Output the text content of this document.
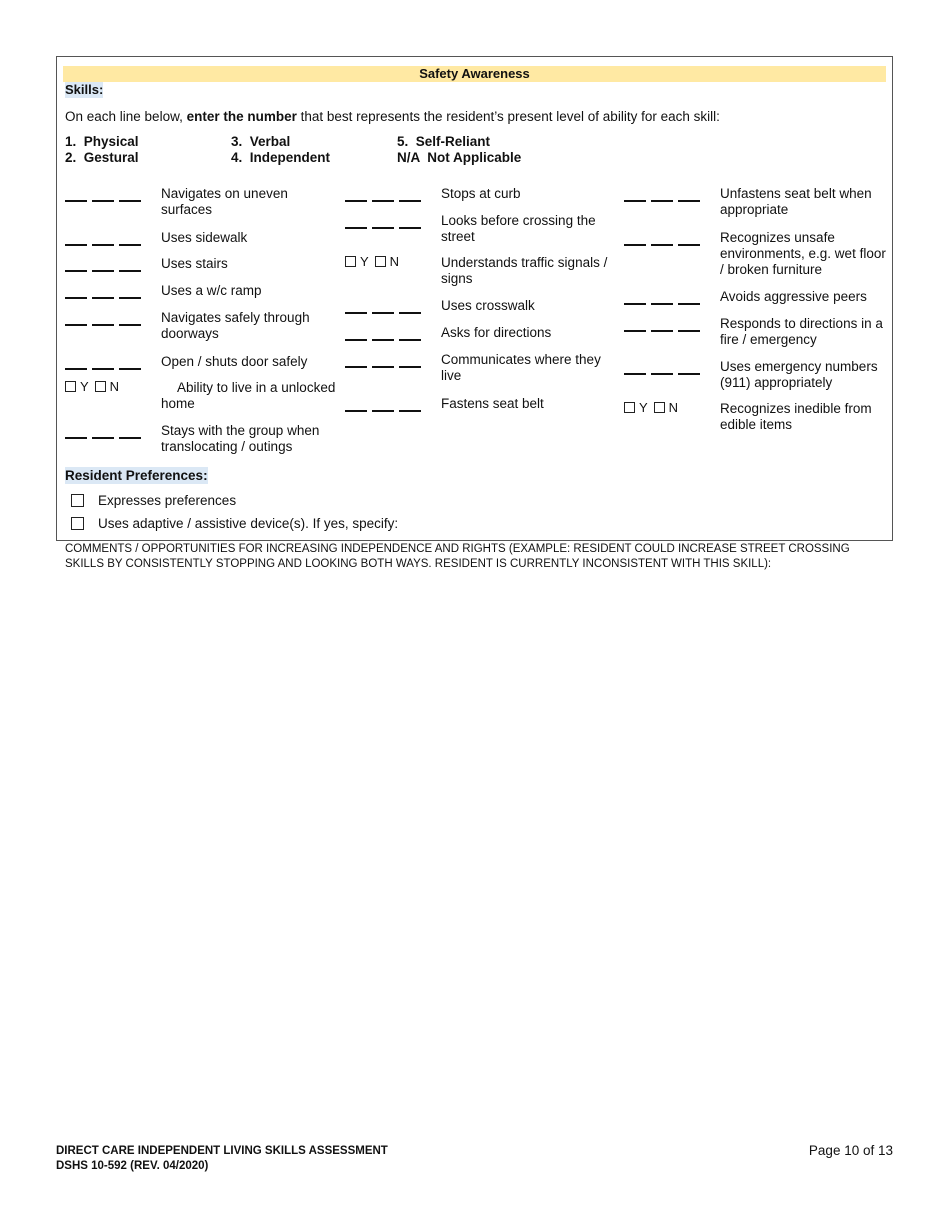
Safety Awareness
Skills:
On each line below, enter the number that best represents the resident’s present level of ability for each skill:
1.  Physical
2.  Gestural
3.  Verbal
4.  Independent
5.  Self-Reliant
N/A  Not Applicable
Navigates on uneven surfaces
Uses sidewalk
Uses stairs
Uses a w/c ramp
Navigates safely through doorways
Open / shuts door safely
Y N	Ability to live in a unlocked home
Stays with the group when translocating / outings
Stops at curb
Looks before crossing the street
Y N	Understands traffic signals / signs
Uses crosswalk
Asks for directions
Communicates where they live
Fastens seat belt
Unfastens seat belt when appropriate
Recognizes unsafe environments, e.g. wet floor / broken furniture
Avoids aggressive peers
Responds to directions in a fire / emergency
Uses emergency numbers (911) appropriately
Y N	Recognizes inedible from edible items
Resident Preferences:
Expresses preferences
Uses adaptive / assistive device(s). If yes, specify:
COMMENTS / OPPORTUNITIES FOR INCREASING INDEPENDENCE AND RIGHTS (EXAMPLE: RESIDENT COULD INCREASE STREET CROSSING SKILLS BY CONSISTENTLY STOPPING AND LOOKING BOTH WAYS. RESIDENT IS CURRENTLY INCONSISTENT WITH THIS SKILL):
DIRECT CARE INDEPENDENT LIVING SKILLS ASSESSMENT
DSHS 10-592 (REV. 04/2020)
Page 10 of 13
